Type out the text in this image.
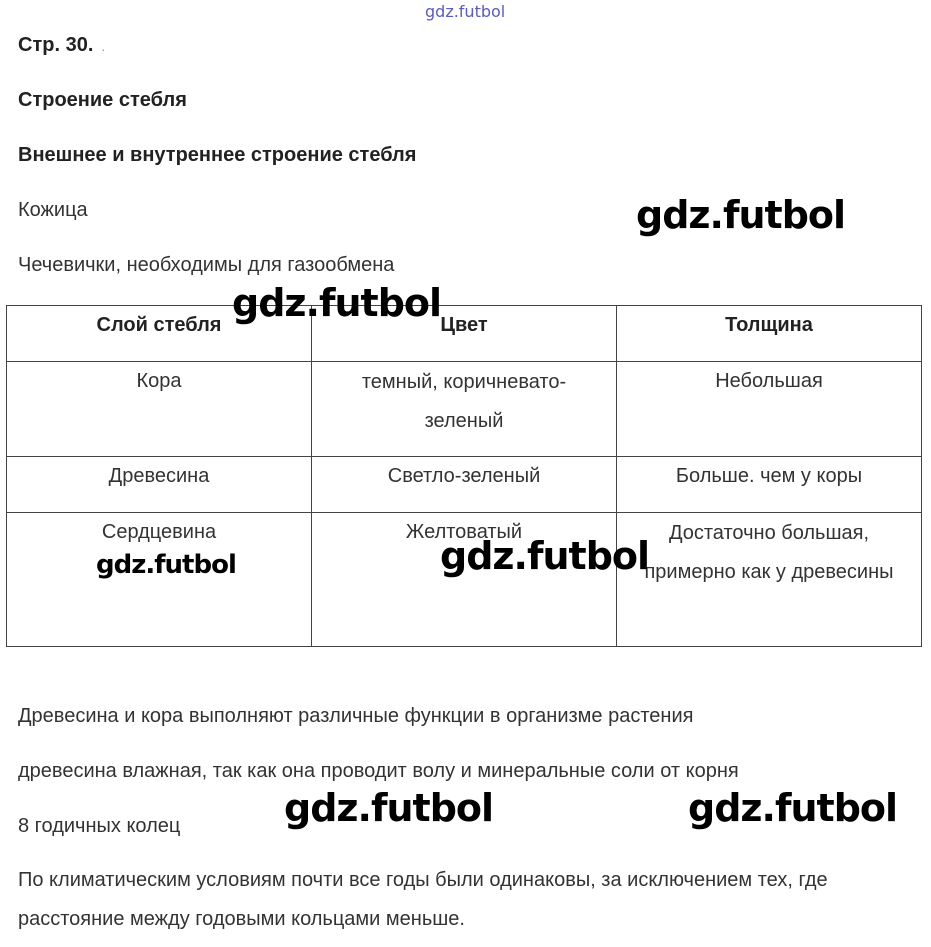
gdz.futbol
Стр. 30. .
Строение стебля
Внешнее и внутреннее строение стебля
Кожица
Чечевички, необходимы для газообмена
Слой стебля	Цвет	Толщина
Кора	темный, коричневато-зеленый	Небольшая
Древесина	Светло-зеленый	Больше. чем у коры
Сердцевина	Желтоватый	Достаточно большая, примерно как у древесины
Древесина и кора выполняют различные функции в организме растения
древесина влажная, так как она проводит волу и минеральные соли от корня
8 годичных колец
По климатическим условиям почти все годы были одинаковы, за исключением тех, где расстояние между годовыми кольцами меньше.
gdz.futbol
gdz.futbol
gdz.futbol
gdz.futbol
gdz.futbol	gdz.futbol
